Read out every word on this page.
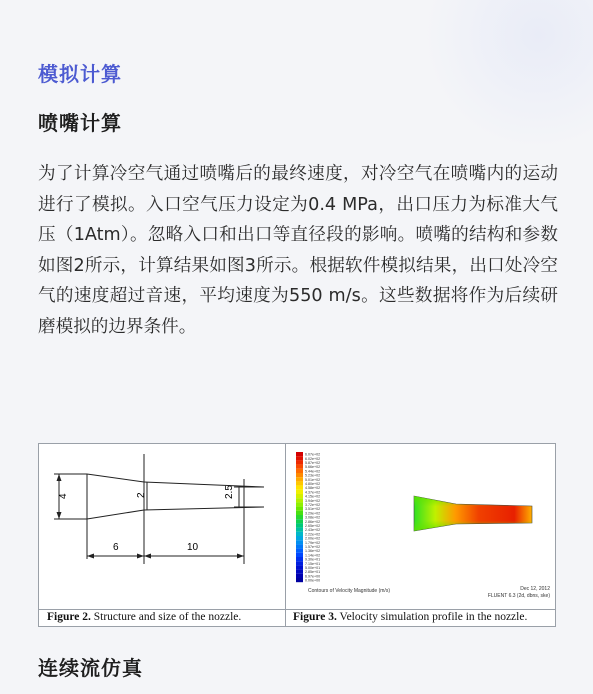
模拟计算
喷嘴计算

为了计算冷空气通过喷嘴后的最终速度，对冷空气在喷嘴内的运动进行了模拟。入口空气压力设定为0.4 MPa，出口压力为标准大气压（1Atm）。忽略入口和出口等直径段的影响。喷嘴的结构和参数如图2所示，计算结果如图3所示。根据软件模拟结果，出口处冷空气的速度超过音速，平均速度为550 m/s。这些数据将作为后续研磨模拟的边界条件。

4	2	2.5
6	10
6.07e+02
6.02e+02
5.87e+02
5.66e+02
5.44e+02
5.23e+02
5.01e+02
4.80e+02
4.58e+02
4.37e+02
4.15e+02
3.94e+02
3.72e+02
3.51e+02
3.29e+02
3.08e+02
2.86e+02
2.65e+02
2.43e+02
2.22e+02
2.00e+02
1.79e+02
1.57e+02
1.36e+02
1.14e+02
9.30e+01
7.15e+01
5.00e+01
2.85e+01
6.97e+00
0.00e+00
Contours of Velocity Magnitude (m/s)	Dec 12, 2012
FLUENT 6.3 (2d, dbns, ske)
Figure 2. Structure and size of the nozzle.	Figure 3. Velocity simulation profile in the nozzle.
连续流仿真
